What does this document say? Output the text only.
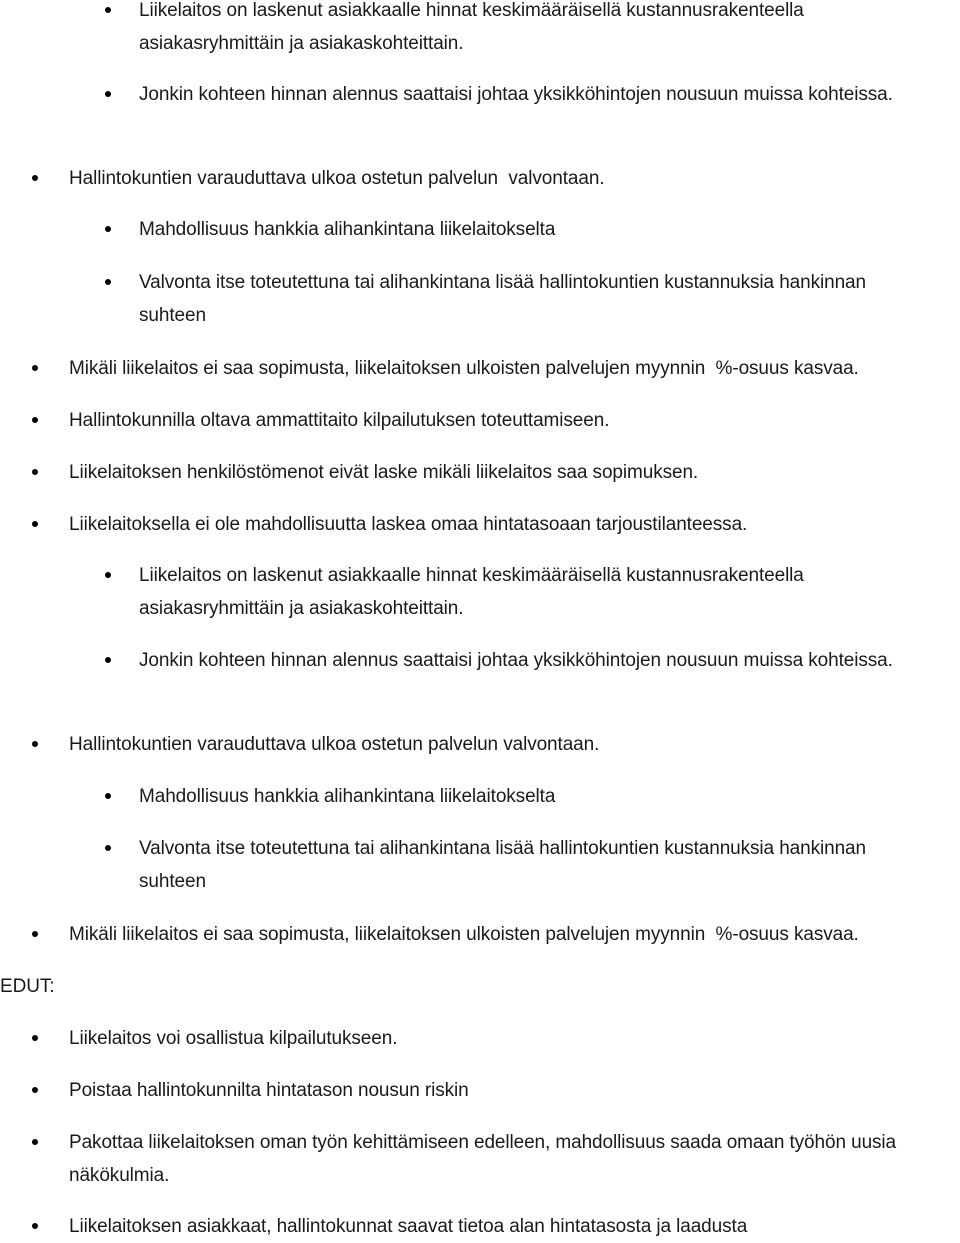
Liikelaitos on laskenut asiakkaalle hinnat keskimääräisellä kustannusrakenteella asiakasryhmittäin ja asiakaskohteittain.
Jonkin kohteen hinnan alennus saattaisi johtaa yksikköhintojen nousuun muissa kohteissa.
Hallintokuntien varauduttava ulkoa ostetun palvelun  valvontaan.
Mahdollisuus hankkia alihankintana liikelaitokselta
Valvonta itse toteutettuna tai alihankintana lisää hallintokuntien kustannuksia hankinnan suhteen
Mikäli liikelaitos ei saa sopimusta, liikelaitoksen ulkoisten palvelujen myynnin  %-osuus kasvaa.
Hallintokunnilla oltava ammattitaito kilpailutuksen toteuttamiseen.
Liikelaitoksen henkilöstömenot eivät laske mikäli liikelaitos saa sopimuksen.
Liikelaitoksella ei ole mahdollisuutta laskea omaa hintatasoaan tarjoustilanteessa.
Liikelaitos on laskenut asiakkaalle hinnat keskimääräisellä kustannusrakenteella asiakasryhmittäin ja asiakaskohteittain.
Jonkin kohteen hinnan alennus saattaisi johtaa yksikköhintojen nousuun muissa kohteissa.
Hallintokuntien varauduttava ulkoa ostetun palvelun valvontaan.
Mahdollisuus hankkia alihankintana liikelaitokselta
Valvonta itse toteutettuna tai alihankintana lisää hallintokuntien kustannuksia hankinnan suhteen
Mikäli liikelaitos ei saa sopimusta, liikelaitoksen ulkoisten palvelujen myynnin  %-osuus kasvaa.
EDUT:
Liikelaitos voi osallistua kilpailutukseen.
Poistaa hallintokunnilta hintatason nousun riskin
Pakottaa liikelaitoksen oman työn kehittämiseen edelleen, mahdollisuus saada omaan työhön uusia näkökulmia.
Liikelaitoksen asiakkaat, hallintokunnat saavat tietoa alan hintatasosta ja laadusta
